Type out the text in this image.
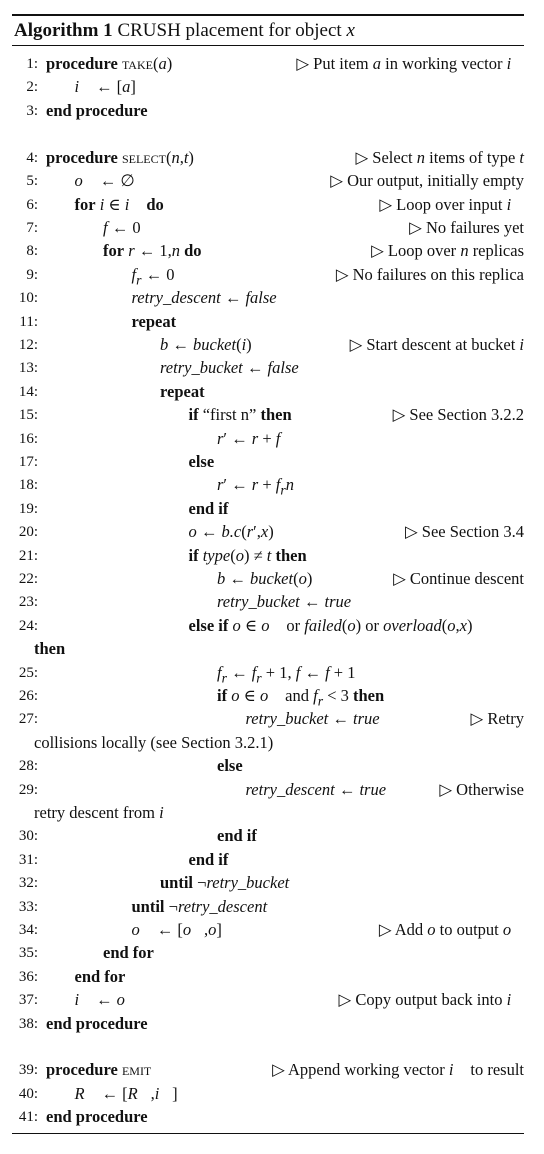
Algorithm 1 CRUSH placement for object x
1: procedure take(a)	▷ Put item a in working vector i⃗
2: i⃗ ← [a]
3: end procedure
4: procedure select(n,t)	▷ Select n items of type t
5: o⃗ ← ∅	▷ Our output, initially empty
6: for i ∈ i⃗ do	▷ Loop over input i⃗
7:	f ← 0	▷ No failures yet
8:	for r ← 1,n do	▷ Loop over n replicas
9:	$f_r$ ← 0	▷ No failures on this replica
10:	retry_descent ← false
11:	repeat
12:	b ← bucket(i)	▷ Start descent at bucket i
13:	retry_bucket ← false
14:	repeat
15:	if “first n” then	▷ See Section 3.2.2
16:	r′ ← r + f
17:	else
18:	r′ ← $r + f_rn$
19:	end if
20:	o ← b.c(r′,x)	▷ See Section 3.4
21:	if type(o) ≠ t then
22:	b ← bucket(o)	▷ Continue descent
23:	retry_bucket ← true
24:	else if o ∈ o⃗ or failed(o) or overload(o,x)
then
25:	$f_r$ ← $f_r + 1$, f ← f + 1
26:	if o ∈ o⃗ and $f_r < 3$ then
27:	retry_bucket ← true	▷ Retry
collisions locally (see Section 3.2.1)
28:	else
29:	retry_descent ← true	▷ Otherwise
retry descent from i
30:	end if
31:	end if
32:	until ¬retry_bucket
33:	until ¬retry_descent
34:	o⃗ ← [o⃗,o]	▷ Add o to output o⃗
35:	end for
36: end for
37: i⃗ ← o⃗	▷ Copy output back into i⃗
38: end procedure
39: procedure emit	▷ Append working vector i⃗ to result
40: R⃗ ← [R⃗,i⃗]
41: end procedure
